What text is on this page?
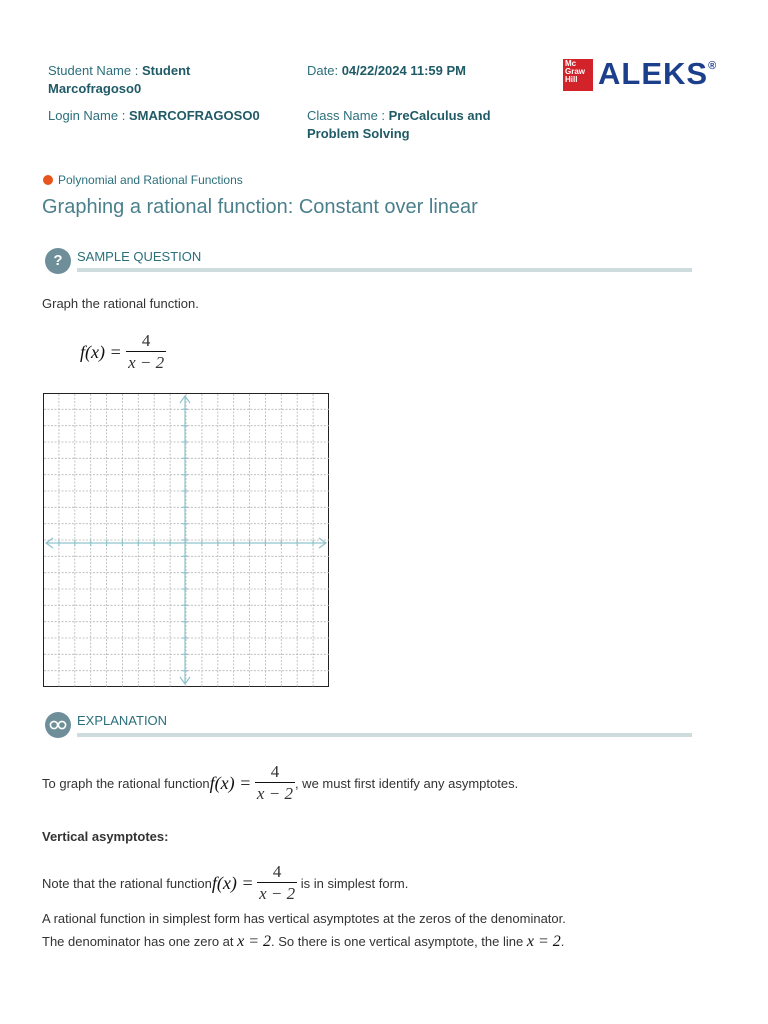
Student Name : Student
Marcofragoso0
Date: 04/22/2024 11:59 PM
Login Name : SMARCOFRAGOSO0	Class Name : PreCalculus and
Problem Solving
Mc
Graw
Hill ALEKS®
Polynomial and Rational Functions
Graphing a rational function: Constant over linear
?	SAMPLE QUESTION
Graph the rational function.
$f(x) = \frac{4}{x - 2}$
EXPLANATION
To graph the rational functionf(x) = $\frac{4}{x - 2}$ , we must first identify any asymptotes.
Vertical asymptotes:
Note that the rational functionf(x) = $\frac{4}{x - 2}$ is in simplest form.
A rational function in simplest form has vertical asymptotes at the zeros of the denominator.
The denominator has one zero at x = 2. So there is one vertical asymptote, the line x = 2.
